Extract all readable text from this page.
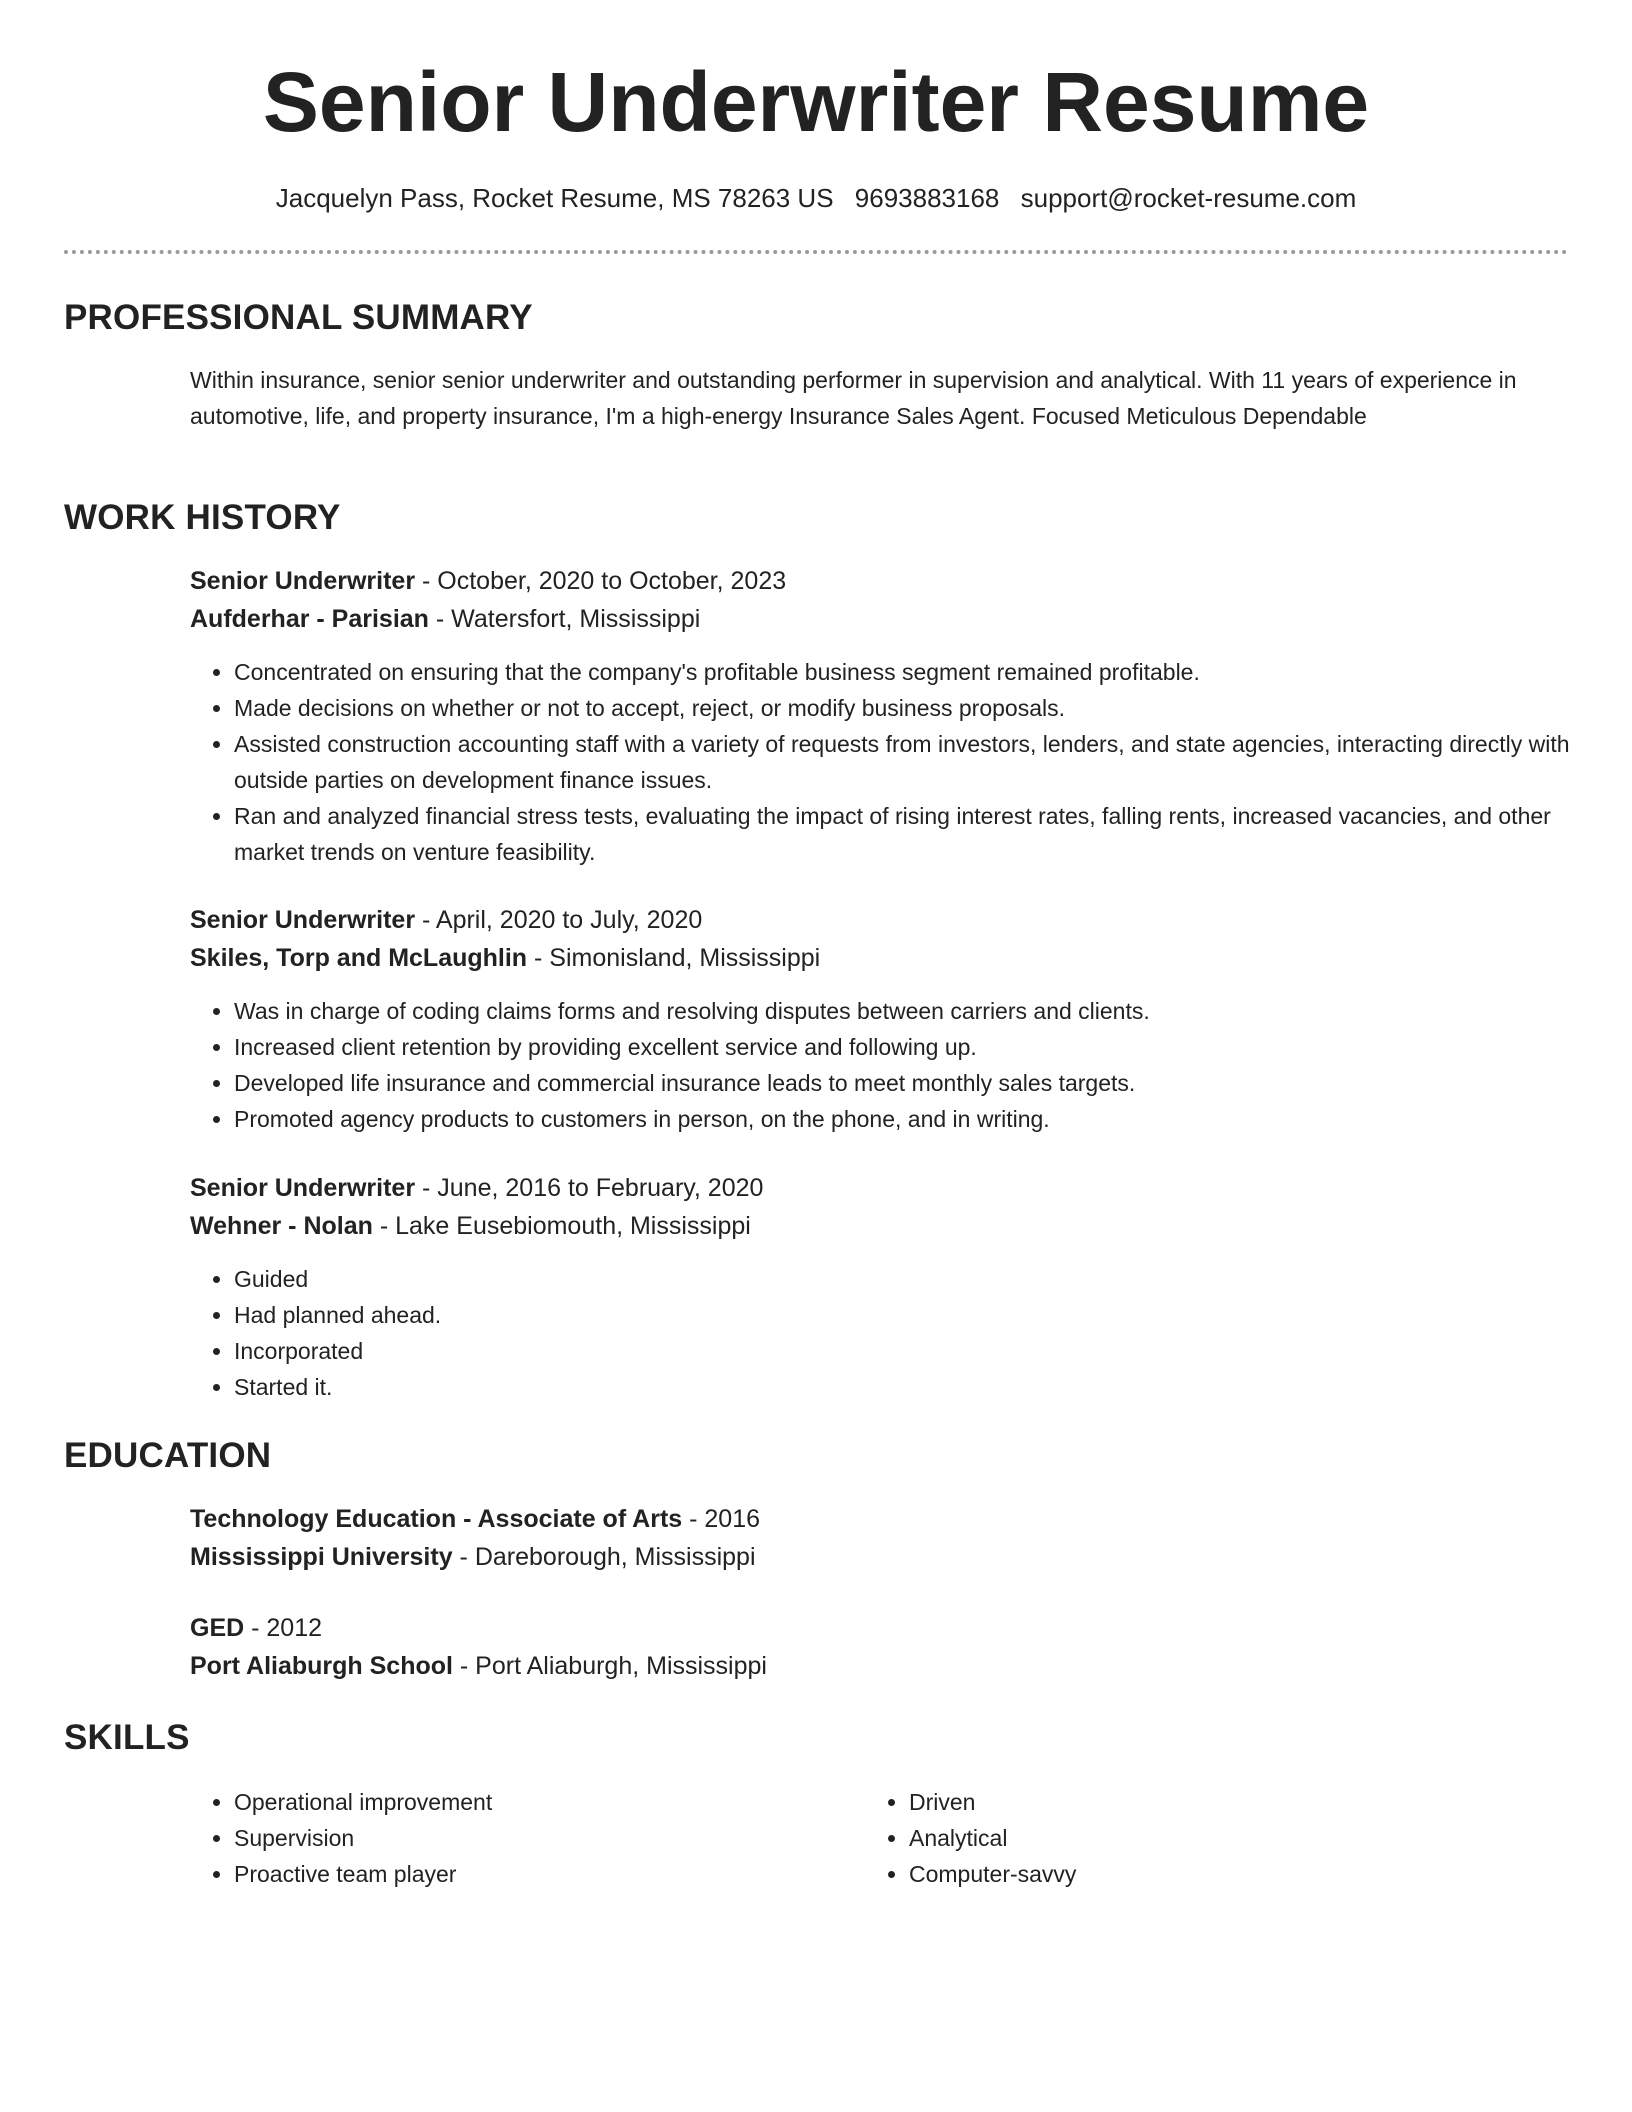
Senior Underwriter Resume
Jacquelyn Pass, Rocket Resume, MS 78263 US 9693883168 support@rocket-resume.com
PROFESSIONAL SUMMARY
Within insurance, senior senior underwriter and outstanding performer in supervision and analytical. With 11 years of experience in automotive, life, and property insurance, I'm a high-energy Insurance Sales Agent. Focused Meticulous Dependable
WORK HISTORY
Senior Underwriter - October, 2020 to October, 2023
Aufderhar - Parisian - Watersfort, Mississippi
• Concentrated on ensuring that the company's profitable business segment remained profitable.
• Made decisions on whether or not to accept, reject, or modify business proposals.
• Assisted construction accounting staff with a variety of requests from investors, lenders, and state agencies, interacting directly with outside parties on development finance issues.
• Ran and analyzed financial stress tests, evaluating the impact of rising interest rates, falling rents, increased vacancies, and other market trends on venture feasibility.
Senior Underwriter - April, 2020 to July, 2020
Skiles, Torp and McLaughlin - Simonisland, Mississippi
• Was in charge of coding claims forms and resolving disputes between carriers and clients.
• Increased client retention by providing excellent service and following up.
• Developed life insurance and commercial insurance leads to meet monthly sales targets.
• Promoted agency products to customers in person, on the phone, and in writing.
Senior Underwriter - June, 2016 to February, 2020
Wehner - Nolan - Lake Eusebiomouth, Mississippi
• Guided
• Had planned ahead.
• Incorporated
• Started it.
EDUCATION
Technology Education - Associate of Arts - 2016
Mississippi University - Dareborough, Mississippi
GED - 2012
Port Aliaburgh School - Port Aliaburgh, Mississippi
SKILLS
• Operational improvement
• Supervision
• Proactive team player
• Driven
• Analytical
• Computer-savvy
